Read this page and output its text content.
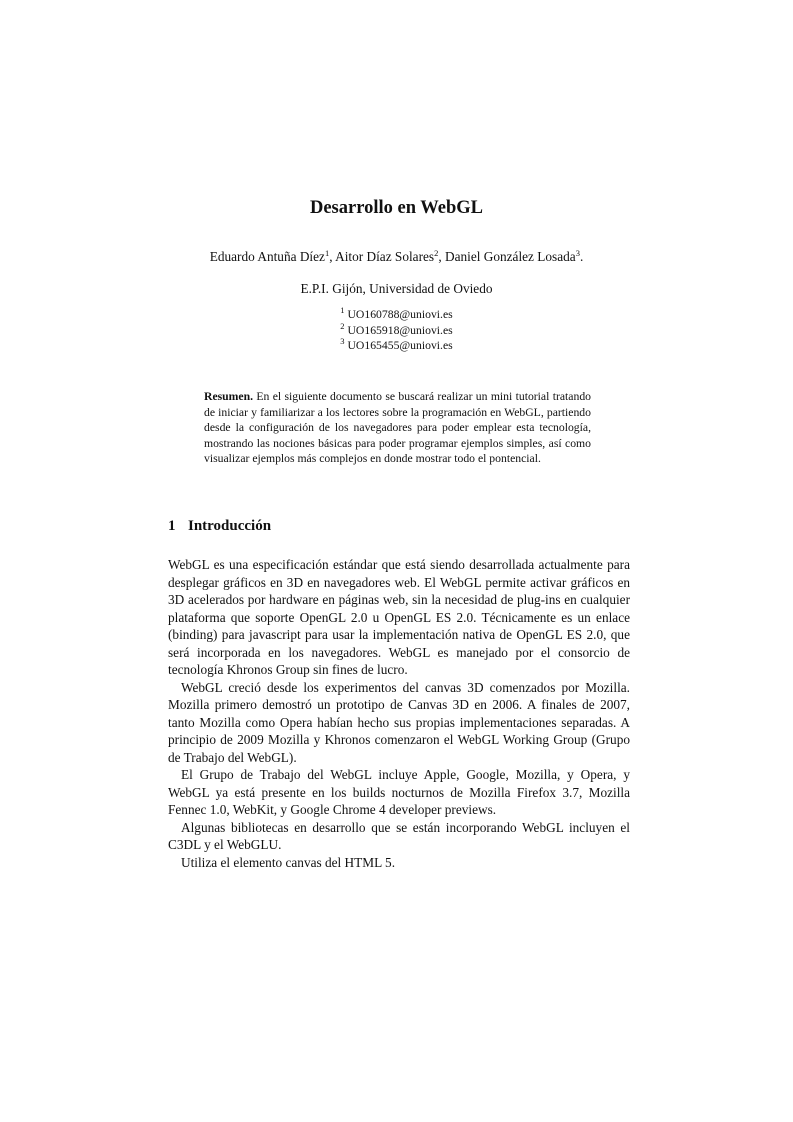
Desarrollo en WebGL
Eduardo Antuña Díez$^1$, Aitor Díaz Solares$^2$, Daniel González Losada$^3$.
E.P.I. Gijón, Universidad de Oviedo
$^1$ UO160788@uniovi.es
$^2$ UO165918@uniovi.es
$^3$ UO165455@uniovi.es

Resumen. En el siguiente documento se buscará realizar un mini tutorial tratando de iniciar y familiarizar a los lectores sobre la programación en WebGL, partiendo desde la configuración de los navegadores para poder emplear esta tecnología, mostrando las nociones básicas para poder programar ejemplos simples, así como visualizar ejemplos más complejos en donde mostrar todo el pontencial.

1 Introducción

WebGL es una especificación estándar que está siendo desarrollada actualmente para desplegar gráficos en 3D en navegadores web. El WebGL permite activar gráficos en 3D acelerados por hardware en páginas web, sin la necesidad de plug-ins en cualquier plataforma que soporte OpenGL 2.0 u OpenGL ES 2.0. Técnicamente es un enlace (binding) para javascript para usar la implementación nativa de OpenGL ES 2.0, que será incorporada en los navegadores. WebGL es manejado por el consorcio de tecnología Khronos Group sin fines de lucro.

WebGL creció desde los experimentos del canvas 3D comenzados por Mozilla. Mozilla primero demostró un prototipo de Canvas 3D en 2006. A finales de 2007, tanto Mozilla como Opera habían hecho sus propias implementaciones separadas. A principio de 2009 Mozilla y Khronos comenzaron el WebGL Working Group (Grupo de Trabajo del WebGL).

El Grupo de Trabajo del WebGL incluye Apple, Google, Mozilla, y Opera, y WebGL ya está presente en los builds nocturnos de Mozilla Firefox 3.7, Mozilla Fennec 1.0, WebKit, y Google Chrome 4 developer previews.

Algunas bibliotecas en desarrollo que se están incorporando WebGL incluyen el C3DL y el WebGLU.

Utiliza el elemento canvas del HTML 5.
